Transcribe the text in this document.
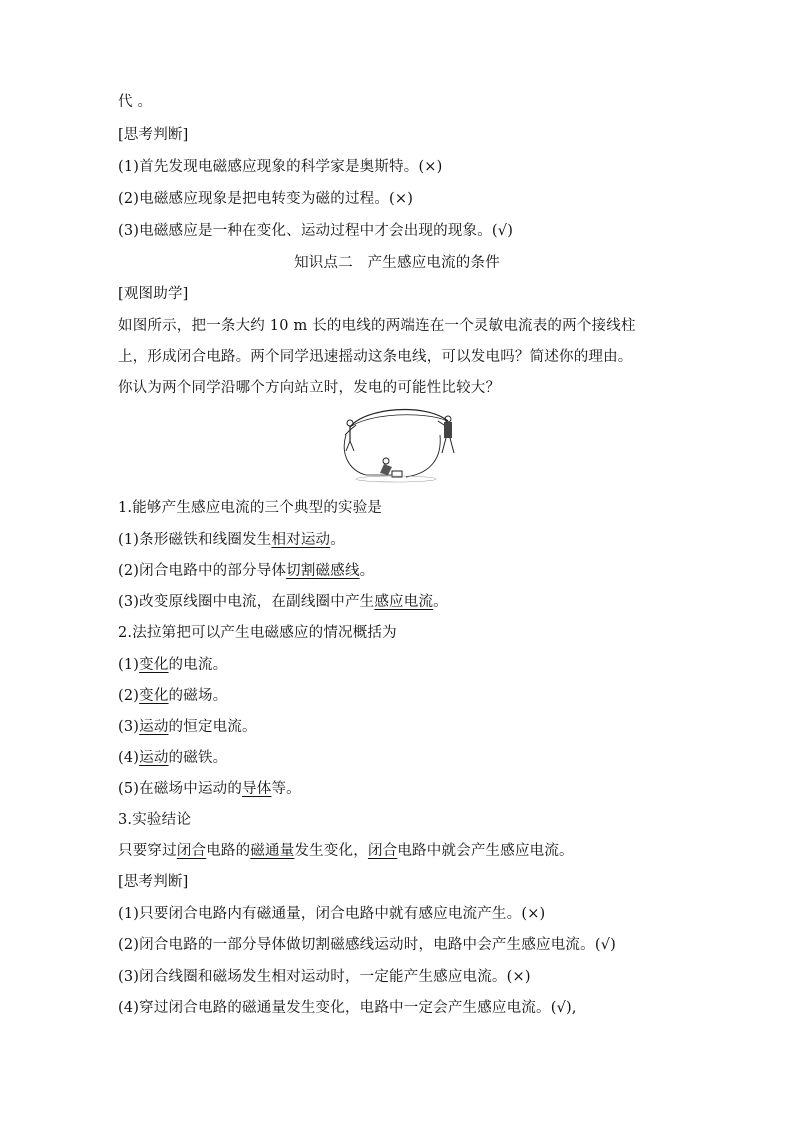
代 。
[思考判断]
(1)首先发现电磁感应现象的科学家是奥斯特。(×)
(2)电磁感应现象是把电转变为磁的过程。(×)
(3)电磁感应是一种在变化、运动过程中才会出现的现象。(√)
知识点二　产生感应电流的条件
[观图助学]
如图所示，把一条大约 10 m 长的电线的两端连在一个灵敏电流表的两个接线柱
上，形成闭合电路。两个同学迅速摇动这条电线，可以发电吗？简述你的理由。
你认为两个同学沿哪个方向站立时，发电的可能性比较大？
1.能够产生感应电流的三个典型的实验是
(1)条形磁铁和线圈发生相对运动。
(2)闭合电路中的部分导体切割磁感线。
(3)改变原线圈中电流，在副线圈中产生感应电流。
2.法拉第把可以产生电磁感应的情况概括为
(1)变化的电流。
(2)变化的磁场。
(3)运动的恒定电流。
(4)运动的磁铁。
(5)在磁场中运动的导体等。
3.实验结论
只要穿过闭合电路的磁通量发生变化，闭合电路中就会产生感应电流。
[思考判断]
(1)只要闭合电路内有磁通量，闭合电路中就有感应电流产生。(×)
(2)闭合电路的一部分导体做切割磁感线运动时，电路中会产生感应电流。(√)
(3)闭合线圈和磁场发生相对运动时，一定能产生感应电流。(×)
(4)穿过闭合电路的磁通量发生变化，电路中一定会产生感应电流。(√),
